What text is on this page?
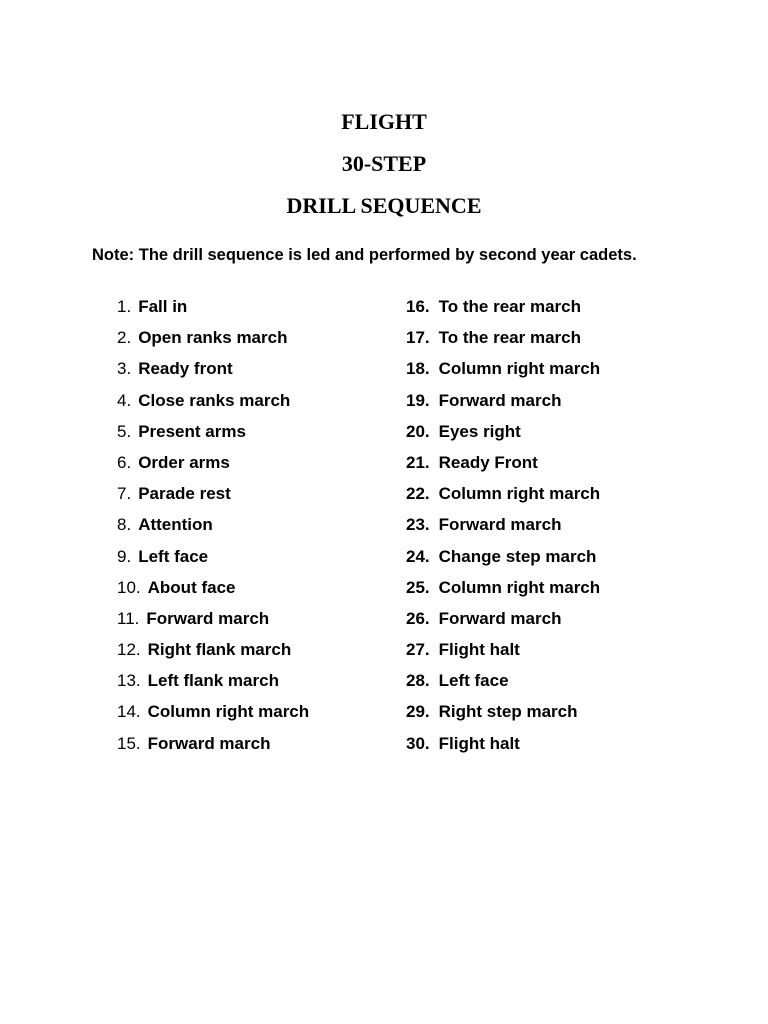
FLIGHT
30-STEP
DRILL SEQUENCE

Note: The drill sequence is led and performed by second year cadets.

1. Fall in
2. Open ranks march
3. Ready front
4. Close ranks march
5. Present arms
6. Order arms
7. Parade rest
8. Attention
9. Left face
10. About face
11. Forward march
12. Right flank march
13. Left flank march
14. Column right march
15. Forward march
16. To the rear march
17. To the rear march
18. Column right march
19. Forward march
20. Eyes right
21. Ready Front
22. Column right march
23. Forward march
24. Change step march
25. Column right march
26. Forward march
27. Flight halt
28. Left face
29. Right step march
30. Flight halt
